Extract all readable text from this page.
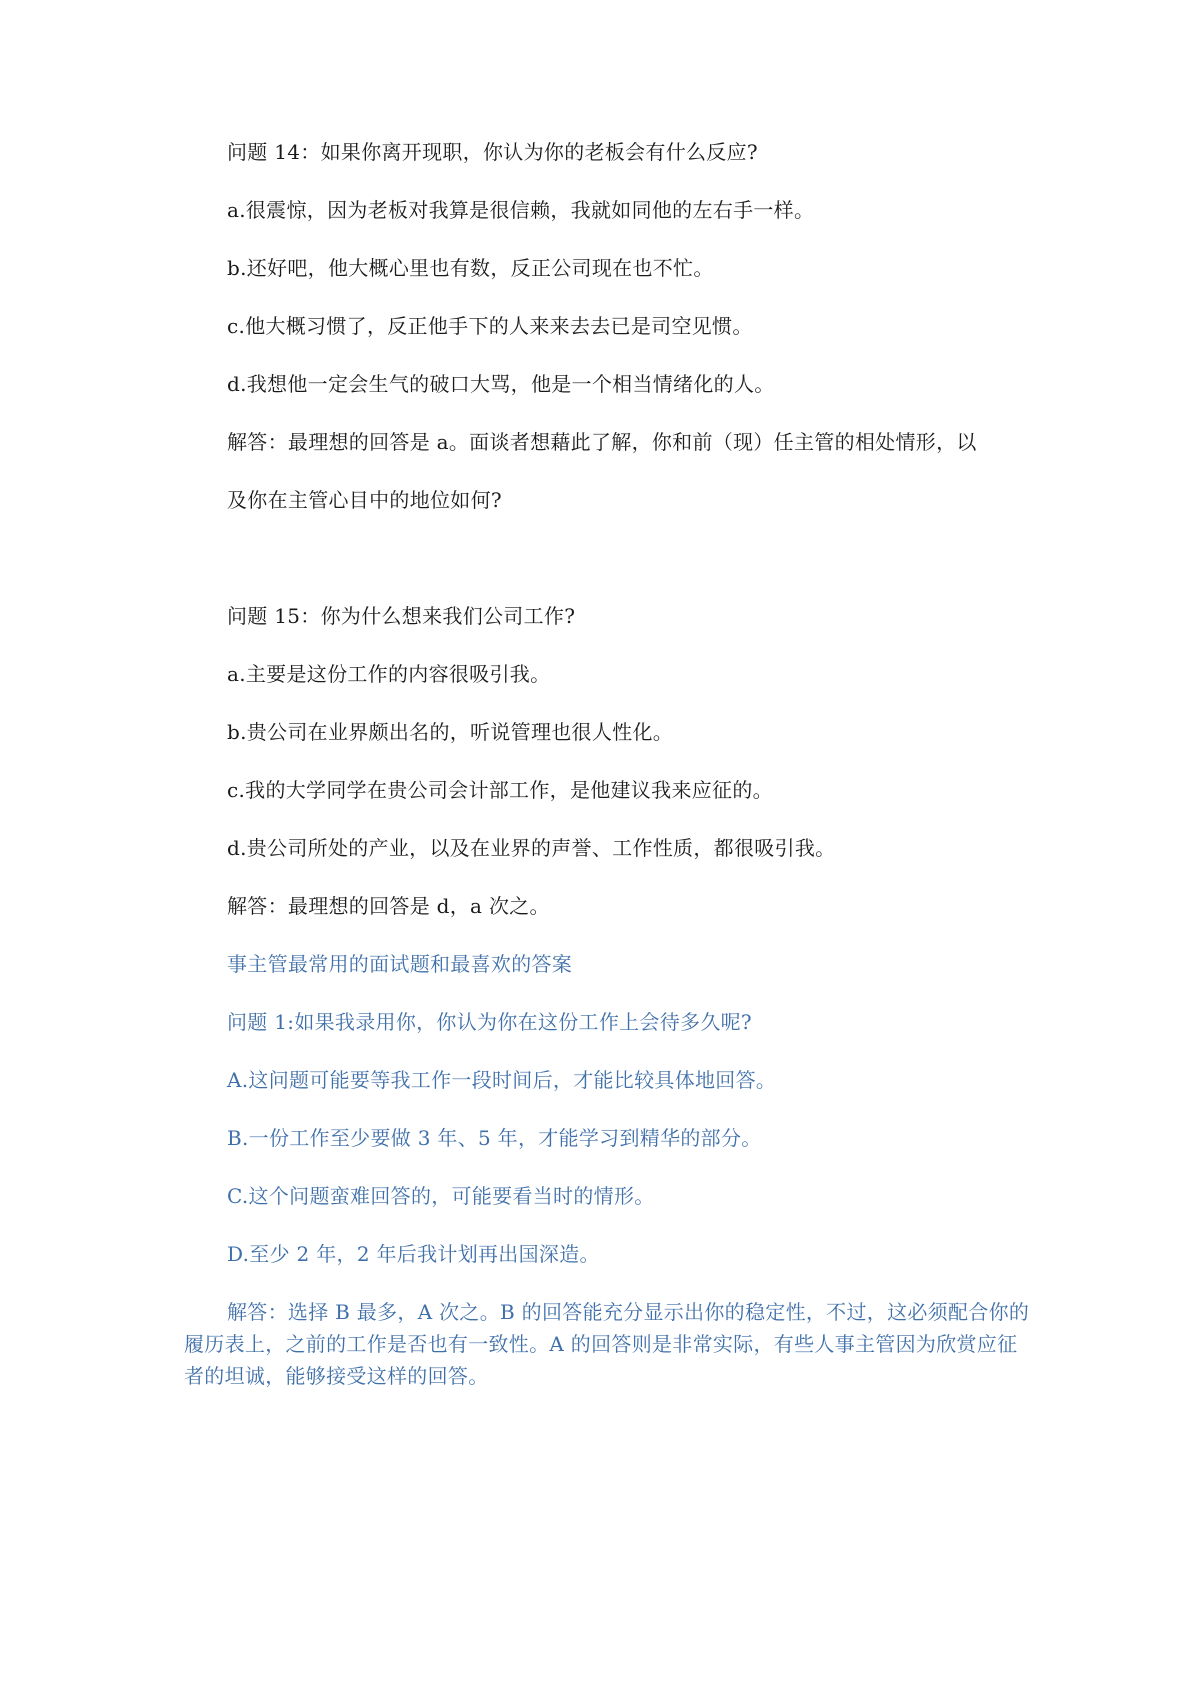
问题 14：如果你离开现职，你认为你的老板会有什么反应?
a.很震惊，因为老板对我算是很信赖，我就如同他的左右手一样。
b.还好吧，他大概心里也有数，反正公司现在也不忙。
c.他大概习惯了，反正他手下的人来来去去已是司空见惯。
d.我想他一定会生气的破口大骂，他是一个相当情绪化的人。
解答：最理想的回答是 a。面谈者想藉此了解，你和前（现）任主管的相处情形，以
及你在主管心目中的地位如何?
问题 15：你为什么想来我们公司工作?
a.主要是这份工作的内容很吸引我。
b.贵公司在业界颇出名的，听说管理也很人性化。
c.我的大学同学在贵公司会计部工作，是他建议我来应征的。
d.贵公司所处的产业，以及在业界的声誉、工作性质，都很吸引我。
解答：最理想的回答是 d，a 次之。
事主管最常用的面试题和最喜欢的答案
问题 1:如果我录用你，你认为你在这份工作上会待多久呢?
A.这问题可能要等我工作一段时间后，才能比较具体地回答。
B.一份工作至少要做 3 年、5 年，才能学习到精华的部分。
C.这个问题蛮难回答的，可能要看当时的情形。
D.至少 2 年，2 年后我计划再出国深造。
解答：选择 B 最多，A 次之。B 的回答能充分显示出你的稳定性，不过，这必须配合你的履历表上，之前的工作是否也有一致性。A 的回答则是非常实际，有些人事主管因为欣赏应征者的坦诚，能够接受这样的回答。
